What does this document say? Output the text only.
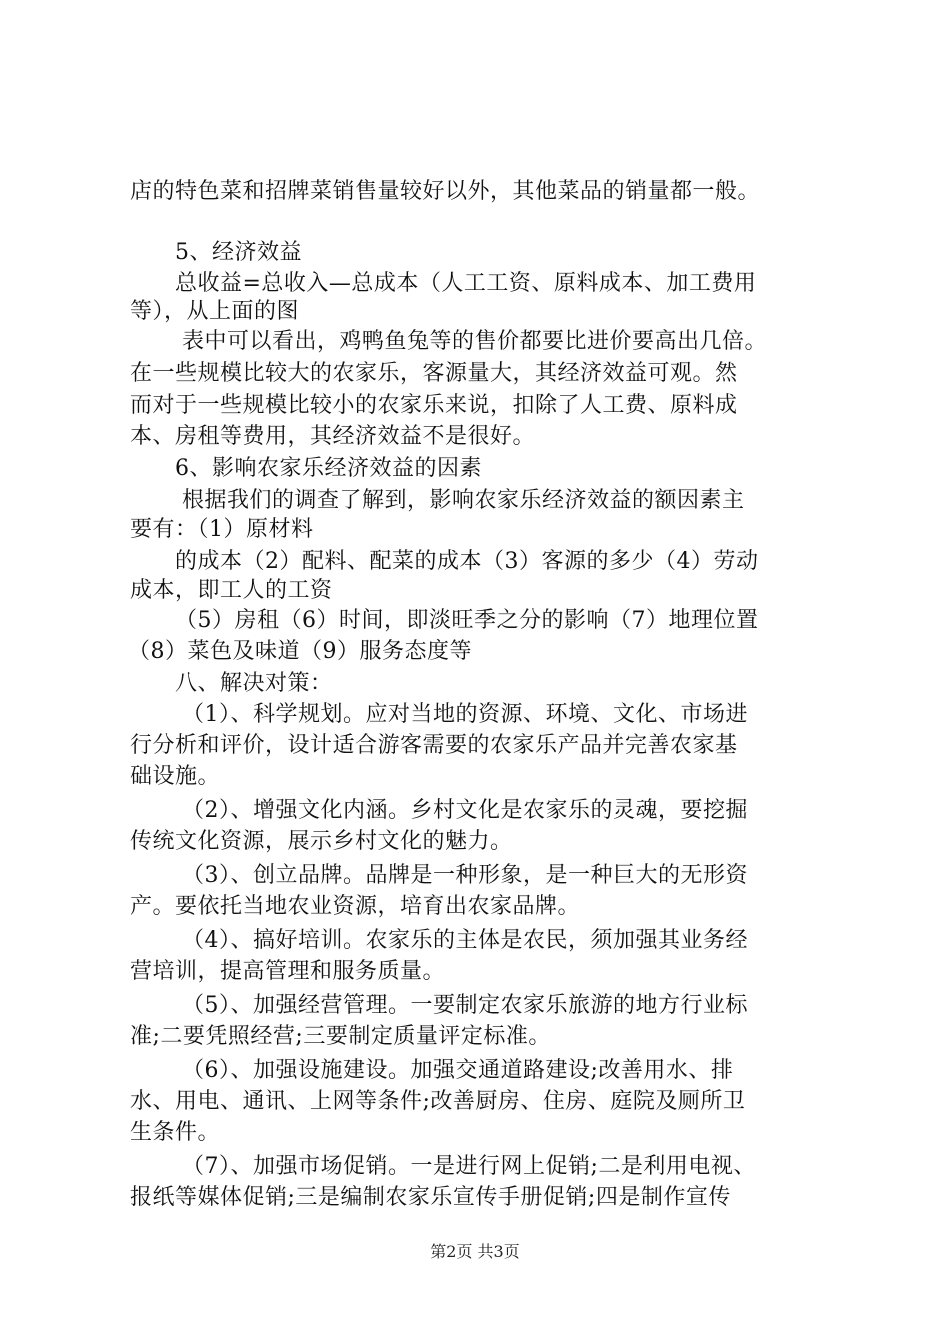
店的特色菜和招牌菜销售量较好以外，其他菜品的销量都一般。
5、经济效益
总收益=总收入—总成本（人工工资、原料成本、加工费用
等），从上面的图
表中可以看出，鸡鸭鱼兔等的售价都要比进价要高出几倍。
在一些规模比较大的农家乐，客源量大，其经济效益可观。然
而对于一些规模比较小的农家乐来说，扣除了人工费、原料成
本、房租等费用，其经济效益不是很好。
6、影响农家乐经济效益的因素
根据我们的调查了解到，影响农家乐经济效益的额因素主
要有：（1）原材料
的成本（2）配料、配菜的成本（3）客源的多少（4）劳动
成本，即工人的工资
（5）房租（6）时间，即淡旺季之分的影响（7）地理位置
（8）菜色及味道（9）服务态度等
八、解决对策：
（1）、科学规划。应对当地的资源、环境、文化、市场进
行分析和评价，设计适合游客需要的农家乐产品并完善农家基
础设施。
（2）、增强文化内涵。乡村文化是农家乐的灵魂，要挖掘
传统文化资源，展示乡村文化的魅力。
（3）、创立品牌。品牌是一种形象，是一种巨大的无形资
产。要依托当地农业资源，培育出农家品牌。
（4）、搞好培训。农家乐的主体是农民，须加强其业务经
营培训，提高管理和服务质量。
（5）、加强经营管理。一要制定农家乐旅游的地方行业标
准;二要凭照经营;三要制定质量评定标准。
（6）、加强设施建设。加强交通道路建设;改善用水、排
水、用电、通讯、上网等条件;改善厨房、住房、庭院及厕所卫
生条件。
（7）、加强市场促销。一是进行网上促销;二是利用电视、
报纸等媒体促销;三是编制农家乐宣传手册促销;四是制作宣传
第2页 共3页
